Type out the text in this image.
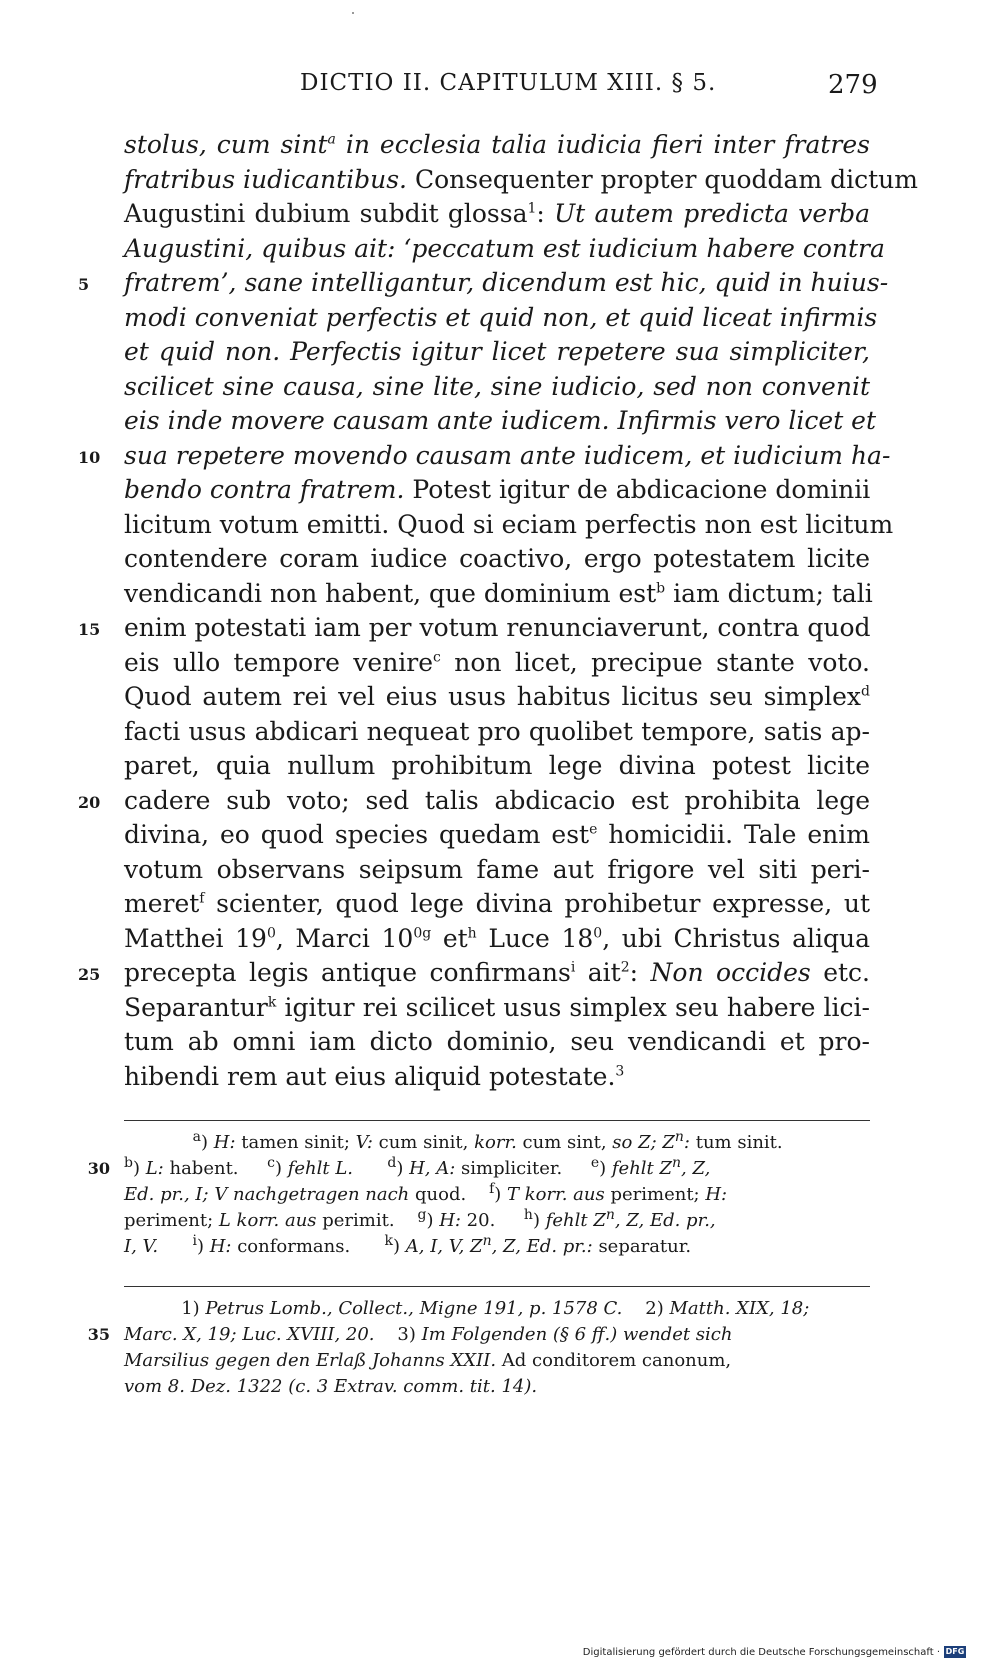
DICTIO II. CAPITULUM XIII. § 5.	279
stolus, cum sint$^a$ in ecclesia talia iudicia fieri inter fratres
fratribus iudicantibus. Consequenter propter quoddam dictum
Augustini dubium subdit glossa$^1$: Ut autem predicta verba
Augustini, quibus ait: ‘peccatum est iudicium habere contra
5	fratrem’, sane intelligantur, dicendum est hic, quid in huius-
modi conveniat perfectis et quid non, et quid liceat infirmis
et quid non. Perfectis igitur licet repetere sua simpliciter,
scilicet sine causa, sine lite, sine iudicio, sed non convenit
eis inde movere causam ante iudicem. Infirmis vero licet et
10 sua repetere movendo causam ante iudicem, et iudicium ha-
bendo contra fratrem. Potest igitur de abdicacione dominii
licitum votum emitti. Quod si eciam perfectis non est licitum
contendere coram iudice coactivo, ergo potestatem licite
vendicandi non habent, que dominium est$^b$ iam dictum; tali
15 enim potestati iam per votum renunciaverunt, contra quod
eis ullo tempore venire$^c$ non licet, precipue stante voto.
Quod autem rei vel eius usus habitus licitus seu simplex$^d$
facti usus abdicari nequeat pro quolibet tempore, satis ap-
paret, quia nullum prohibitum lege divina potest licite
20 cadere sub voto; sed talis abdicacio est prohibita lege
divina, eo quod species quedam est$^e$ homicidii. Tale enim
votum observans seipsum fame aut frigore vel siti peri-
meret$^f$ scienter, quod lege divina prohibetur expresse, ut
Matthei $19^0$, Marci $10^{0g}$ $et^h$ Luce $18^0$, ubi Christus aliqua
25 precepta legis antique confirmans$^i$ ait$^2$: Non occides etc.
Separantur$^k$ igitur rei scilicet usus simplex seu habere lici-
tum ab omni iam dicto dominio, seu vendicandi et pro-
hibendi rem aut eius aliquid potestate.$^3$
$^a$) H: tamen sinit; V: cum sinit, korr. cum sint, so Z; $Z^n$: tum sinit.
30 $^b$) L: habent.     $^c$) fehlt L. $^d$) H, A: simpliciter.     $^e$) fehlt $Z^n$, Z,
Ed. pr., I; V nachgetragen nach quod.    $^f$) T korr. aus periment; H:
periment; L korr. aus perimit.    $^g$) H: 20.     $^h$) fehlt $Z^n$, Z, Ed. pr.,
I, V. $^i$) H: conformans.      $^k$) A, I, V, $Z^n$, Z, Ed. pr.: separatur.
1) Petrus Lomb., Collect., Migne 191, p. 1578 C.    2) Matth. XIX, 18;
35 Marc. X, 19; Luc. XVIII, 20.    3) Im Folgenden (§ 6 ff.) wendet sich
Marsilius gegen den Erlaß Johanns XXII. Ad conditorem canonum,
vom 8. Dez. 1322 (c. 3 Extrav. comm. tit. 14).
Digitalisierung gefördert durch die Deutsche Forschungsgemeinschaft · DFG
